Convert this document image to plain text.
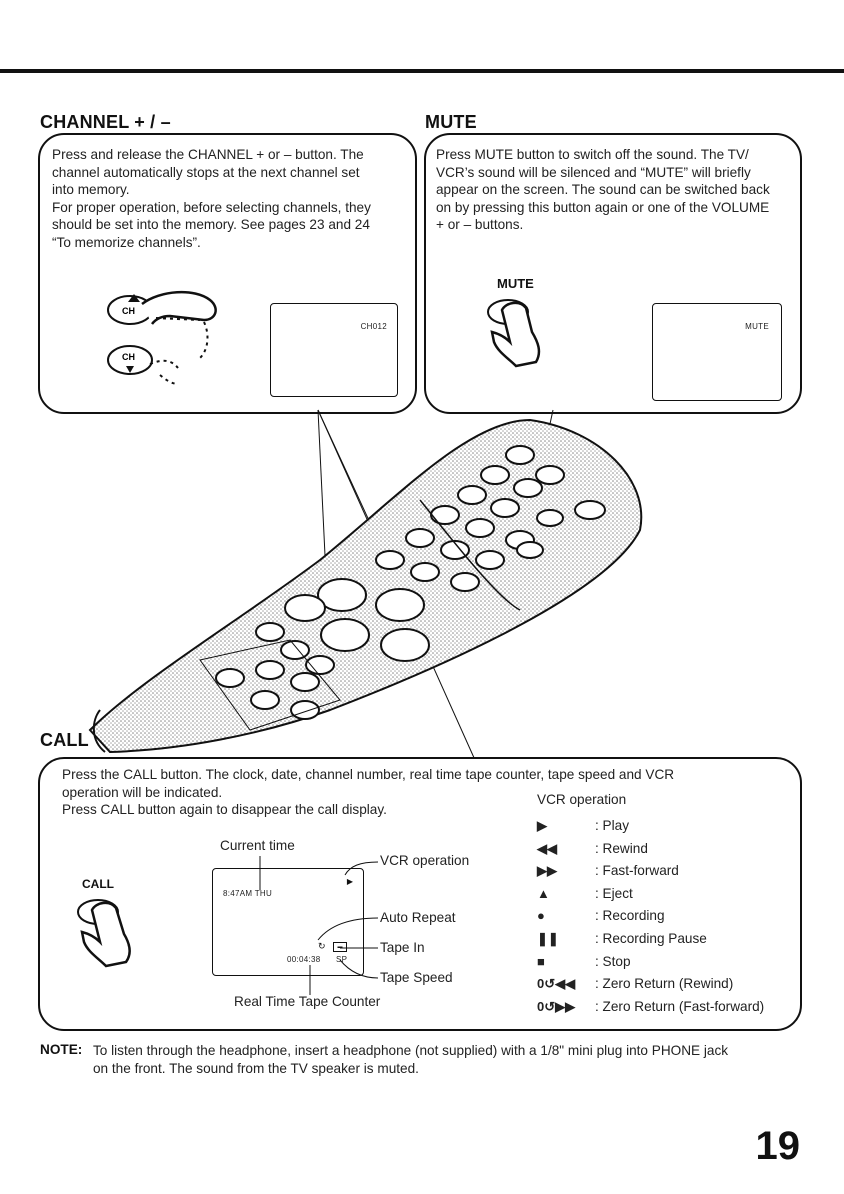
CHANNEL + / –
Press and release the CHANNEL + or – button. The
channel automatically stops at the next channel set
into memory.
For proper operation, before selecting channels, they
should be set into the memory. See pages 23 and 24
“To memorize channels”.
CH
CH
CH012
MUTE
Press MUTE button to switch off the sound. The TV/
VCR’s sound will be silenced and “MUTE” will briefly
appear on the screen. The sound can be switched back
on by pressing this button again or one of the VOLUME
+ or – buttons.
MUTE
MUTE
CALL
Press the CALL button. The clock, date, channel number, real time tape counter, tape speed and VCR
operation will be indicated.
Press CALL button again to disappear the call display.
CALL
Current time
8:47AM THU
▶
↻	▬
00:04:38 SP
VCR operation
Auto Repeat
Tape In
Tape Speed
Real Time Tape Counter
VCR operation
▶	: Play
◀◀	: Rewind
▶▶	: Fast-forward
▲	: Eject
●	: Recording
❚❚	: Recording Pause
■	: Stop
0↺◀◀	: Zero Return (Rewind)
0↺▶▶	: Zero Return (Fast-forward)
NOTE: To listen through the headphone, insert a headphone (not supplied) with a 1/8" mini plug into PHONE jack
on the front. The sound from the TV speaker is muted.
19
